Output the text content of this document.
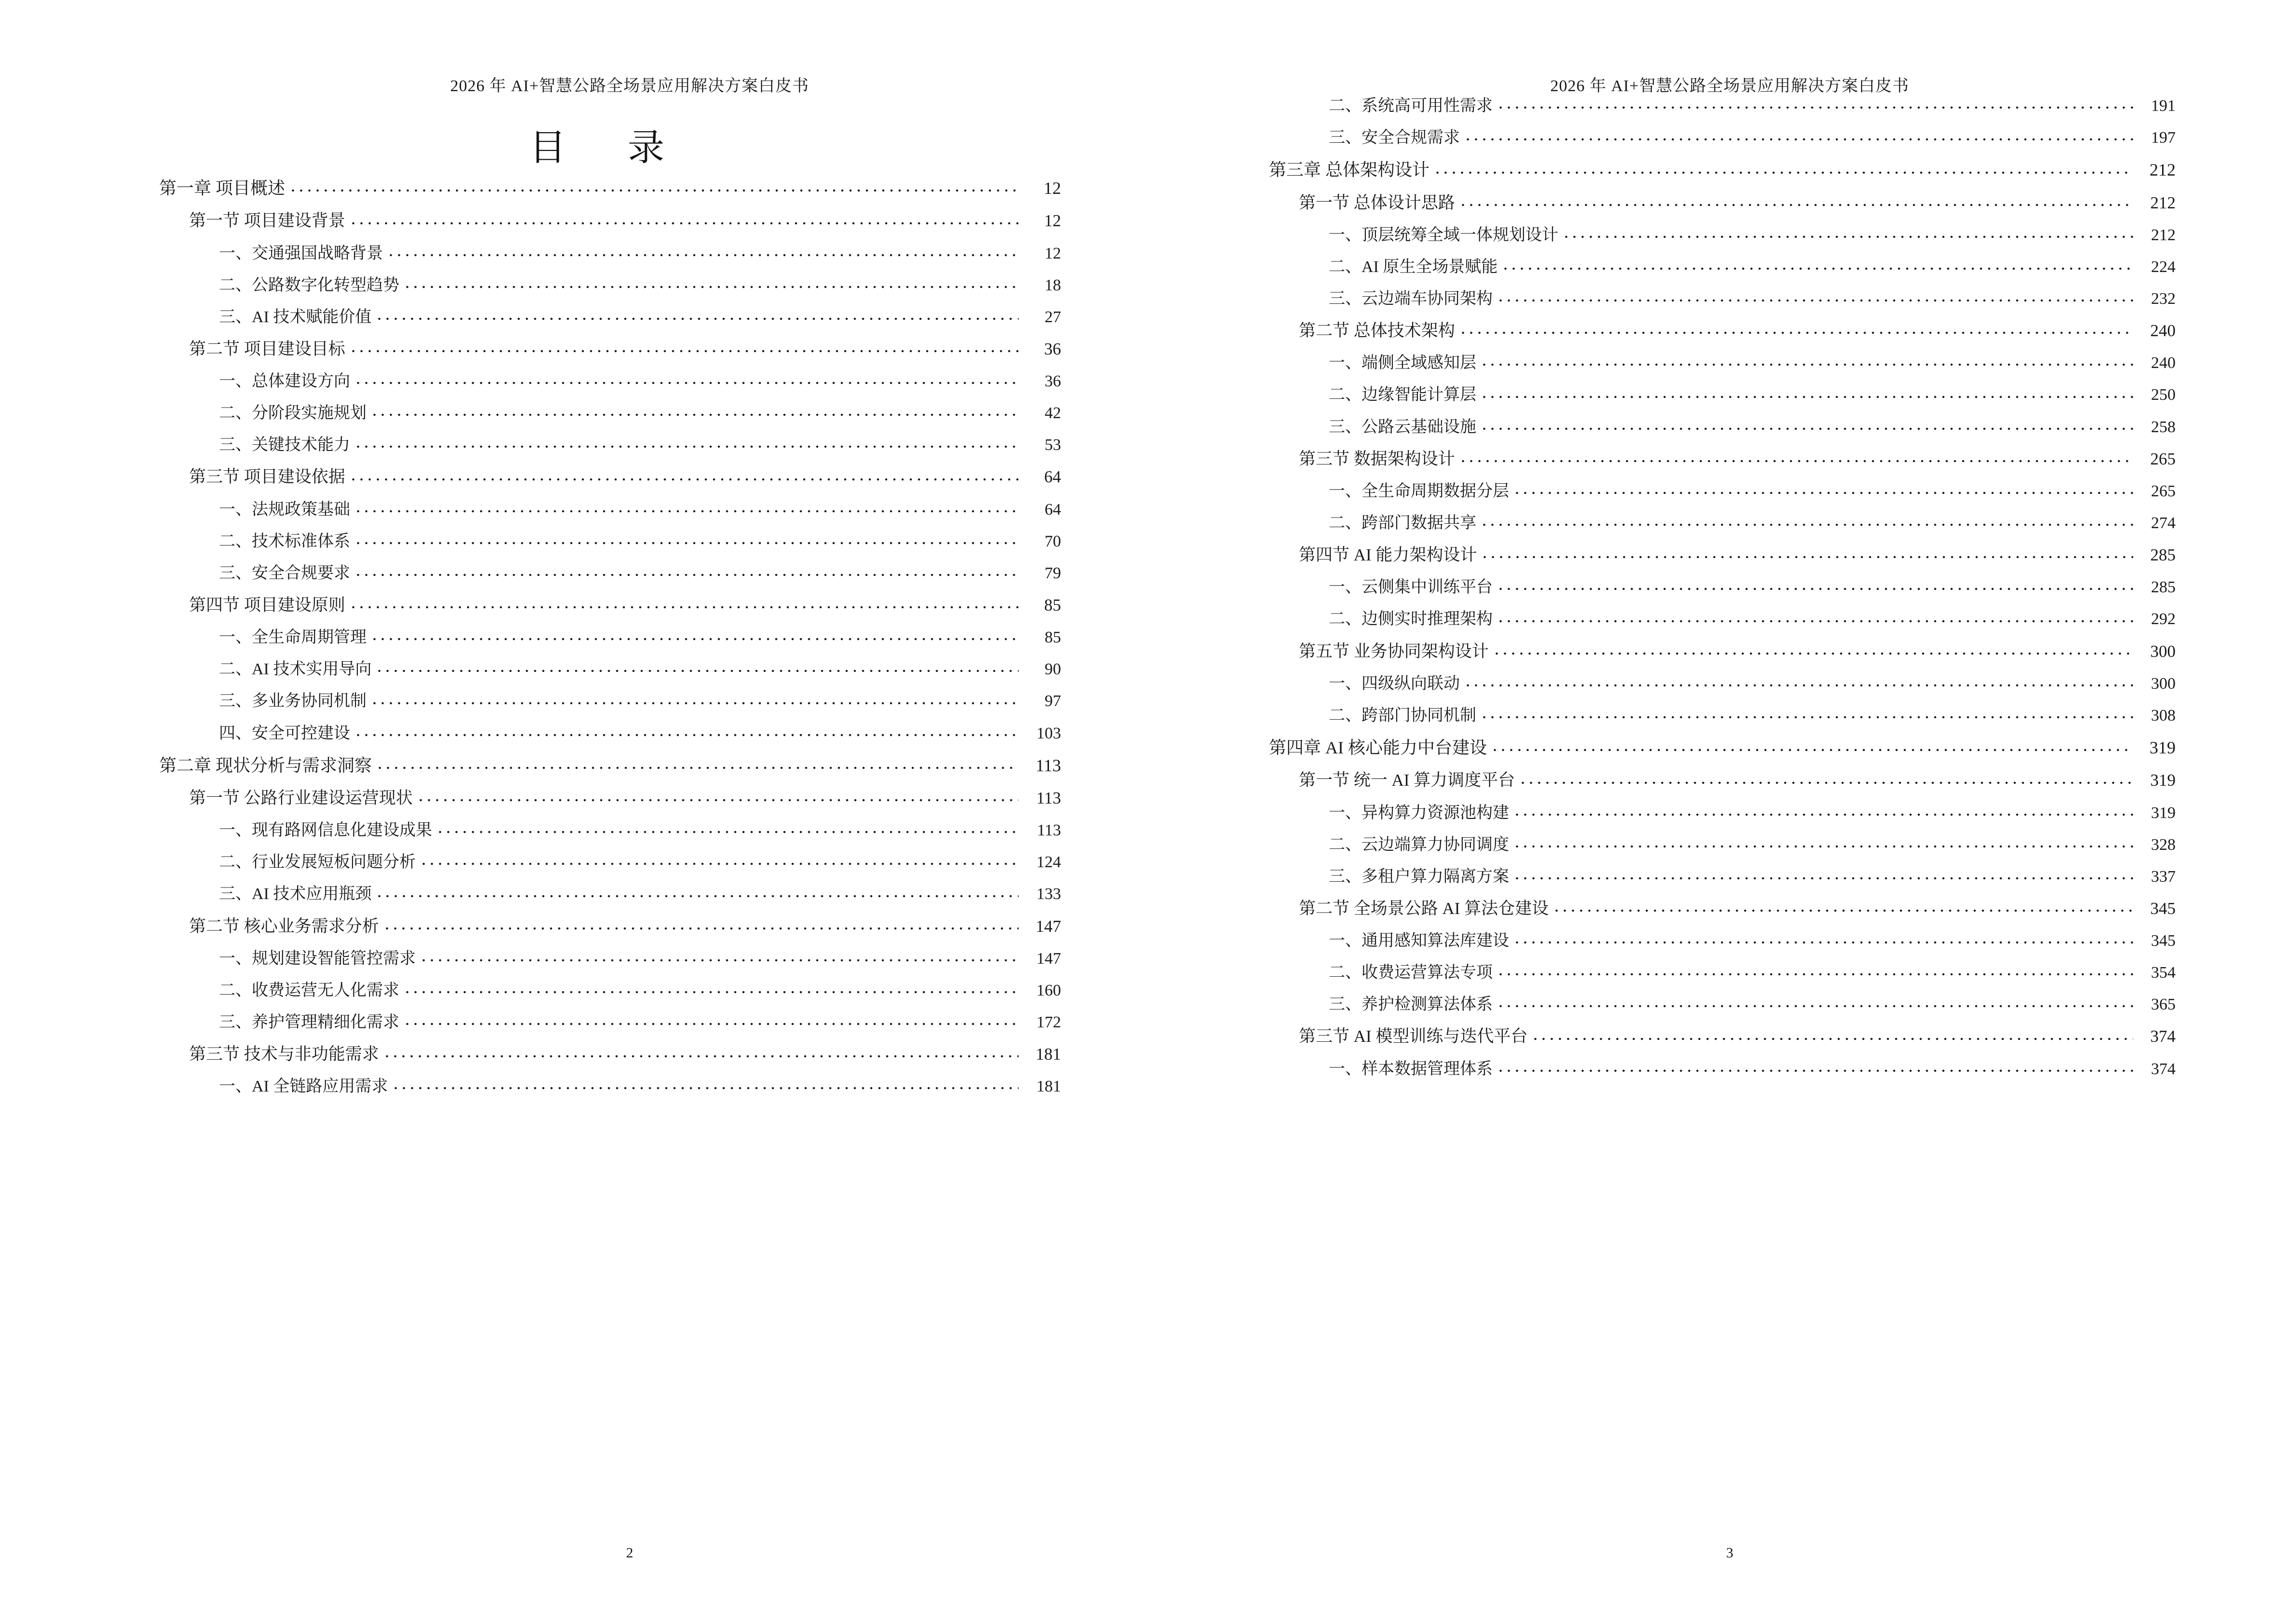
2026 年 AI+智慧公路全场景应用解决方案白皮书
目　录
第一章 项目概述	12
第一节 项目建设背景	12
一、交通强国战略背景	12
二、公路数字化转型趋势	18
三、AI 技术赋能价值	27
第二节 项目建设目标	36
一、总体建设方向	36
二、分阶段实施规划	42
三、关键技术能力	53
第三节 项目建设依据	64
一、法规政策基础	64
二、技术标准体系	70
三、安全合规要求	79
第四节 项目建设原则	85
一、全生命周期管理	85
二、AI 技术实用导向	90
三、多业务协同机制	97
四、安全可控建设	103
第二章 现状分析与需求洞察	113
第一节 公路行业建设运营现状	113
一、现有路网信息化建设成果	113
二、行业发展短板问题分析	124
三、AI 技术应用瓶颈	133
第二节 核心业务需求分析	147
一、规划建设智能管控需求	147
二、收费运营无人化需求	160
三、养护管理精细化需求	172
第三节 技术与非功能需求	181
一、AI 全链路应用需求	181
2
2026 年 AI+智慧公路全场景应用解决方案白皮书
二、系统高可用性需求	191
三、安全合规需求	197
第三章 总体架构设计	212
第一节 总体设计思路	212
一、顶层统筹全域一体规划设计	212
二、AI 原生全场景赋能	224
三、云边端车协同架构	232
第二节 总体技术架构	240
一、端侧全域感知层	240
二、边缘智能计算层	250
三、公路云基础设施	258
第三节 数据架构设计	265
一、全生命周期数据分层	265
二、跨部门数据共享	274
第四节 AI 能力架构设计	285
一、云侧集中训练平台	285
二、边侧实时推理架构	292
第五节 业务协同架构设计	300
一、四级纵向联动	300
二、跨部门协同机制	308
第四章 AI 核心能力中台建设	319
第一节 统一 AI 算力调度平台	319
一、异构算力资源池构建	319
二、云边端算力协同调度	328
三、多租户算力隔离方案	337
第二节 全场景公路 AI 算法仓建设	345
一、通用感知算法库建设	345
二、收费运营算法专项	354
三、养护检测算法体系	365
第三节 AI 模型训练与迭代平台	374
一、样本数据管理体系	374
3
